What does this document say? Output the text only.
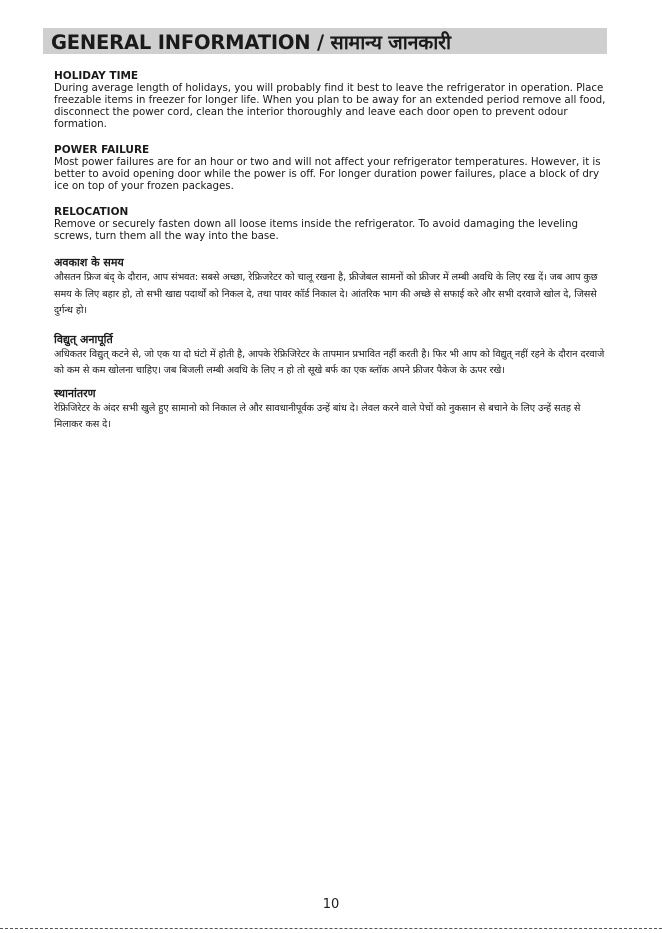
GENERAL INFORMATION / सामान्य जानकारी

HOLIDAY TIME

During average length of holidays, you will probably find it best to leave the refrigerator in operation. Place freezable items in freezer for longer life. When you plan to be away for an extended period remove all food, disconnect the power cord, clean the interior thoroughly and leave each door open to prevent odour formation.

POWER FAILURE

Most power failures are for an hour or two and will not affect your refrigerator temperatures. However, it is better to avoid opening door while the power is off. For longer duration power failures, place a block of dry ice on top of your frozen packages.

RELOCATION

Remove or securely fasten down all loose items inside the refrigerator. To avoid damaging the leveling screws, turn them all the way into the base.

अवकाश के समय

औसतन फ्रिज बंद् के दौरान, आप संभवत: सबसे अच्छा, रेफ्रिजरेटर को चालू रखना है, फ्रीजेबल सामनों को फ्रीजर में लम्बी अवधि के लिए रख दें। जब आप कुछ समय के लिए बहार हो, तो सभी खाद्य पदार्थों को निकल दे, तथा पावर कॉर्ड निकाल दे। आंतरिक भाग की अच्छे से सफाई करे और सभी दरवाजे खोल दे, जिससे दुर्गन्ध हो।

विद्युत् अनापूर्ति

अधिकतर विद्युत् कटने से, जो एक या दो घंटो में होती है, आपके रेफ्रिजिरेटर के तापमान प्रभावित नहीं करती है। फिर भी आप को विद्युत् नहीं रहने के दौरान दरवाजे को कम से कम खोलना चाहिए। जब बिजली लम्बी अवधि के लिए न हो तो सूखे बर्फ का एक ब्लॉक अपने फ्रीजर पैकेज के ऊपर रखे।

स्थानांतरण

रेफ्रिजिरेटर के अंदर सभी खुले हुए सामानो को निकाल ले और सावधानीपूर्वक उन्हें बांध दे। लेवल करने वाले पेचों को नुकसान से बचाने के लिए उन्हें सतह से मिलाकर कस दे।

10
